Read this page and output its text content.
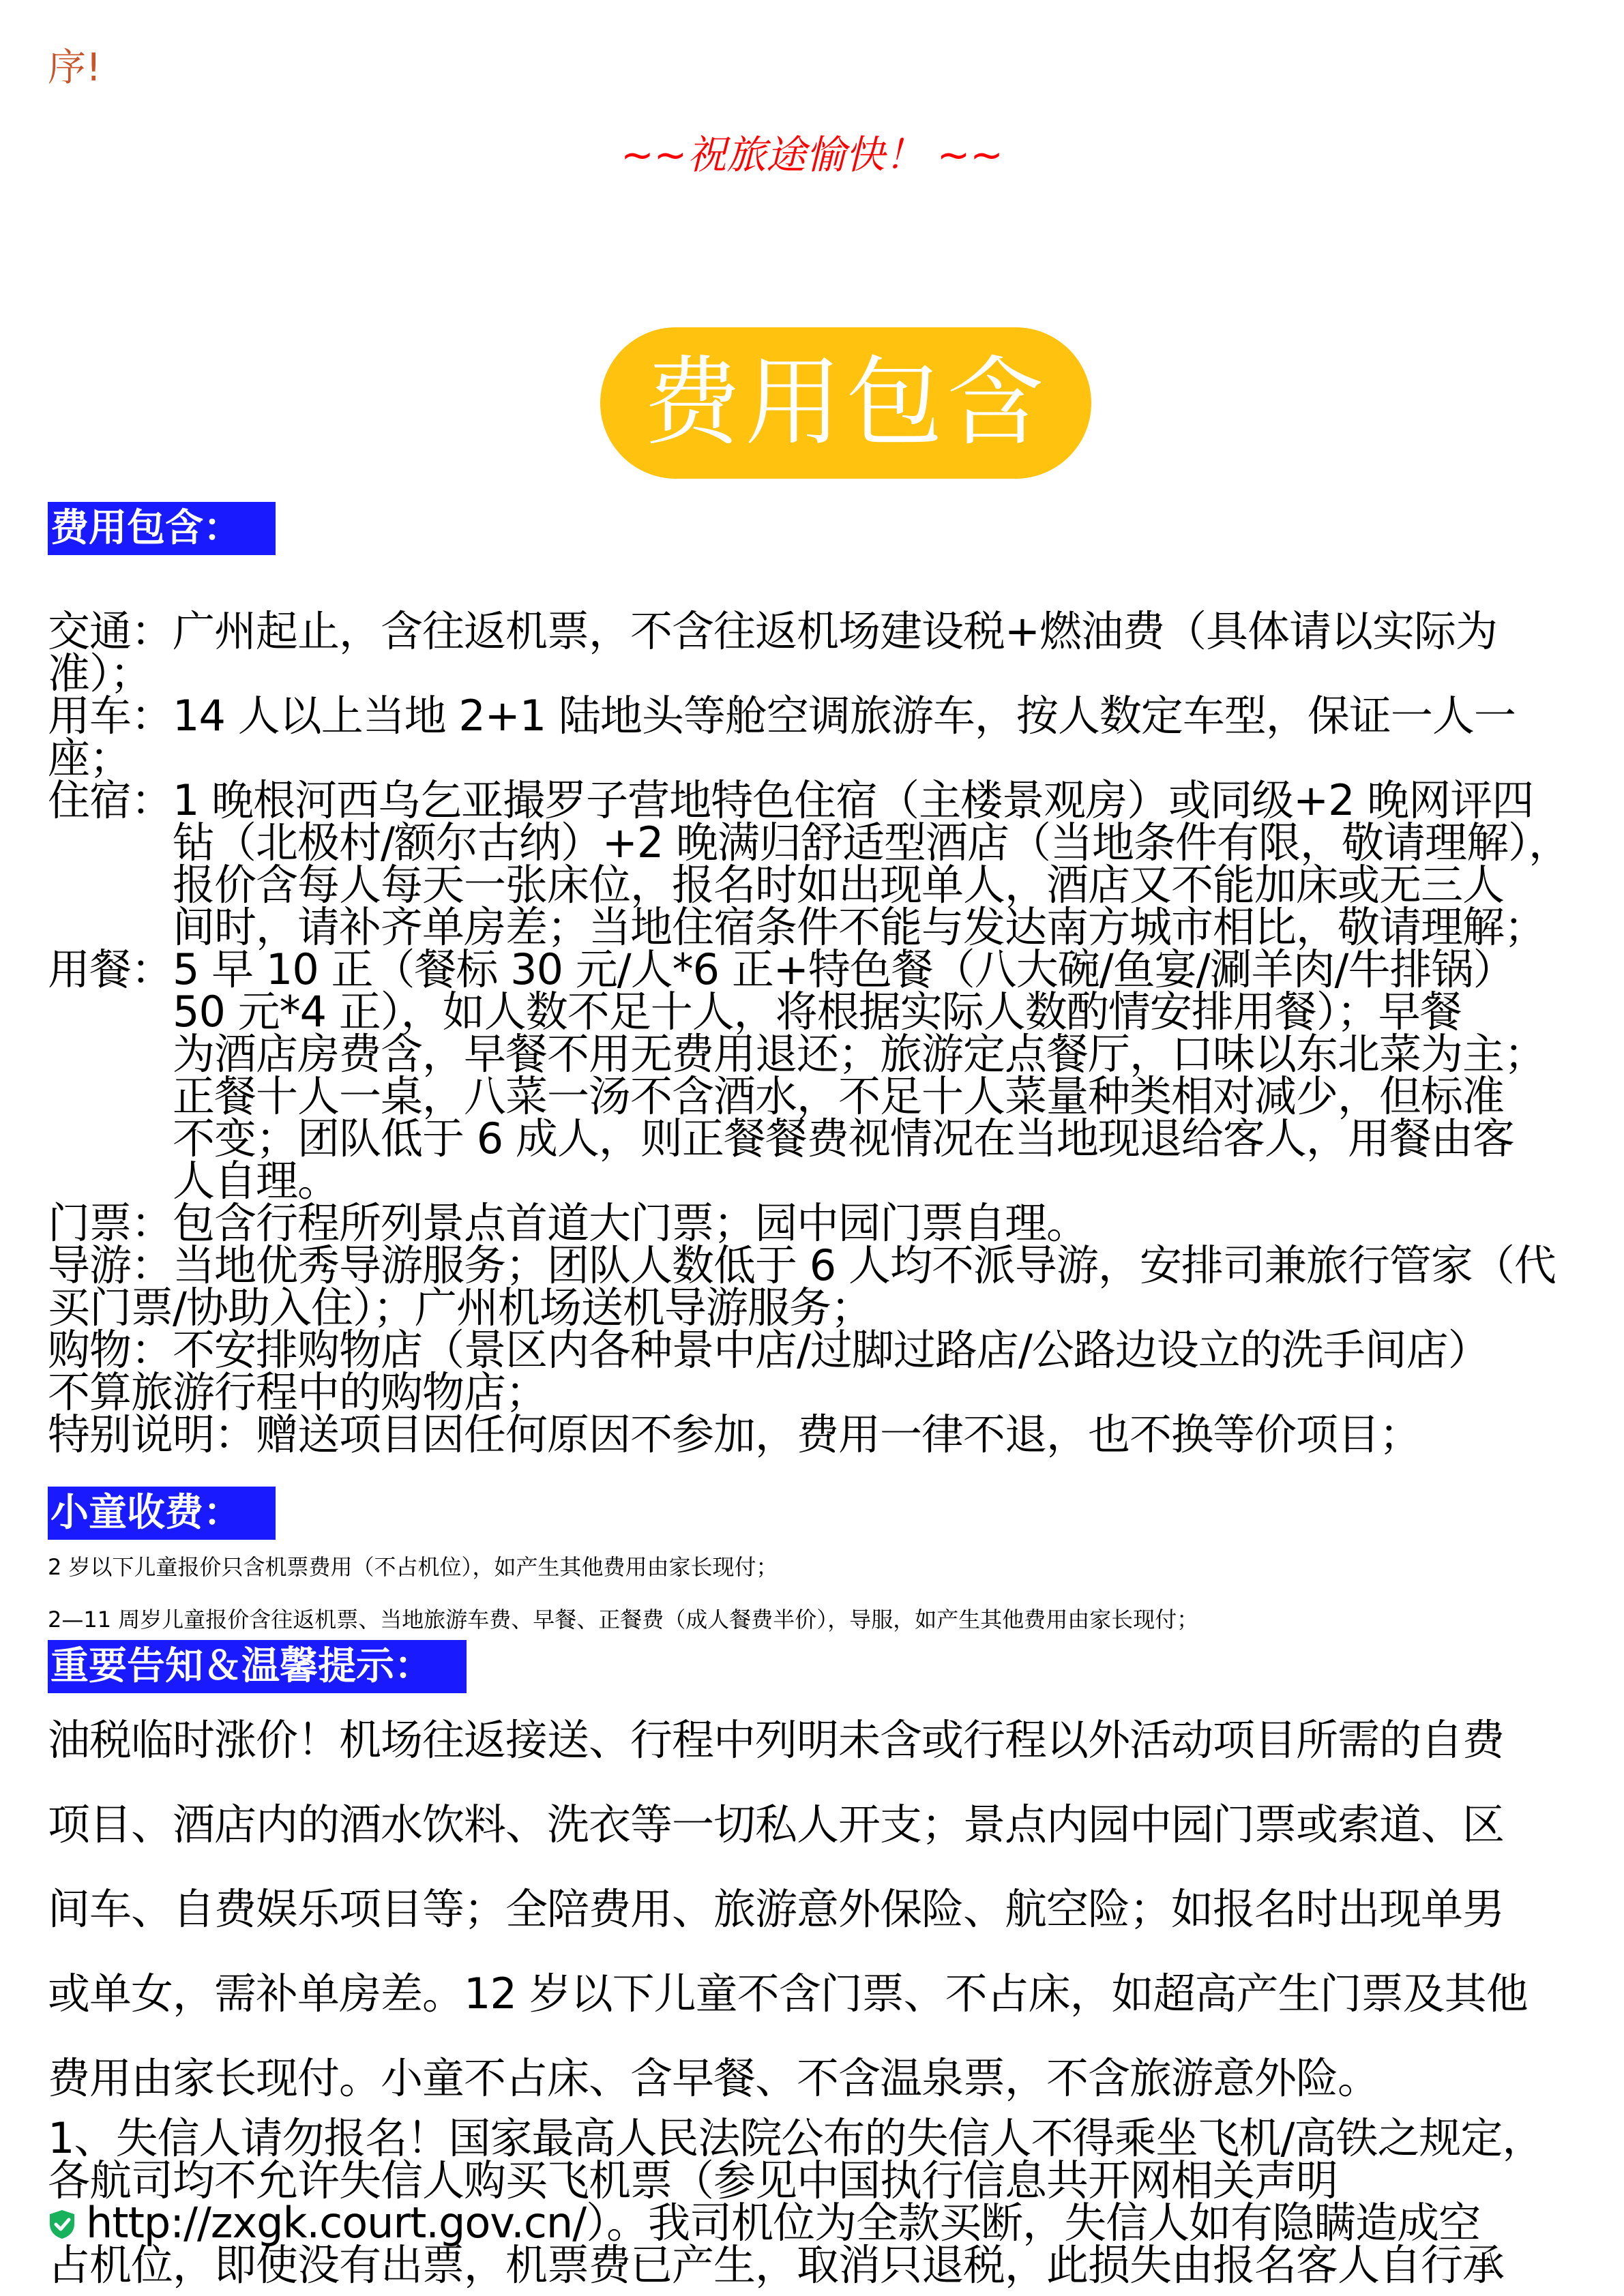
序!
~~祝旅途愉快！ ~~
费用包含
费用包含：
交通： 广州起止，含往返机票，不含往返机场建设税+燃油费（具体请以实际为
准）；
用车： 14 人以上当地 2+1 陆地头等舱空调旅游车，按人数定车型，保证一人一
座；
住宿： 1 晚根河西乌乞亚撮罗子营地特色住宿（主楼景观房）或同级+2 晚网评四
钻（北极村/额尔古纳）+2 晚满归舒适型酒店（当地条件有限，敬请理解），
报价含每人每天一张床位，报名时如出现单人，酒店又不能加床或无三人
间时，请补齐单房差；当地住宿条件不能与发达南方城市相比，敬请理解；
用餐： 5 早 10 正（餐标 30 元/人*6 正+特色餐（八大碗/鱼宴/涮羊肉/牛排锅）
50 元*4 正），如人数不足十人，将根据实际人数酌情安排用餐）；早餐
为酒店房费含，早餐不用无费用退还；旅游定点餐厅，口味以东北菜为主；
正餐十人一桌，八菜一汤不含酒水，不足十人菜量种类相对减少，但标准
不变；团队低于 6 成人，则正餐餐费视情况在当地现退给客人，用餐由客
人自理。
门票： 包含行程所列景点首道大门票；园中园门票自理。
导游： 当地优秀导游服务；团队人数低于 6 人均不派导游，安排司兼旅行管家（代
买门票/协助入住）；广州机场送机导游服务；
购物： 不安排购物店（景区内各种景中店/过脚过路店/公路边设立的洗手间店）
不算旅游行程中的购物店；
特别说明： 赠送项目因任何原因不参加，费用一律不退，也不换等价项目；
小童收费：
2 岁以下儿童报价只含机票费用（不占机位），如产生其他费用由家长现付；
2—11 周岁儿童报价含往返机票、当地旅游车费、早餐、正餐费（成人餐费半价），导服，如产生其他费用由家长现付；
重要告知＆温馨提示：
油税临时涨价！机场往返接送、行程中列明未含或行程以外活动项目所需的自费
项目、酒店内的酒水饮料、洗衣等一切私人开支；景点内园中园门票或索道、区
间车、自费娱乐项目等；全陪费用、旅游意外保险、航空险；如报名时出现单男
或单女，需补单房差。12 岁以下儿童不含门票、不占床，如超高产生门票及其他
费用由家长现付。小童不占床、含早餐、不含温泉票，不含旅游意外险。
1、失信人请勿报名！国家最高人民法院公布的失信人不得乘坐飞机/高铁之规定，
各航司均不允许失信人购买飞机票（参见中国执行信息共开网相关声明
http://zxgk.court.gov.cn/）。我司机位为全款买断，失信人如有隐瞒造成空
占机位，即使没有出票，机票费已产生，取消只退税，此损失由报名客人自行承
